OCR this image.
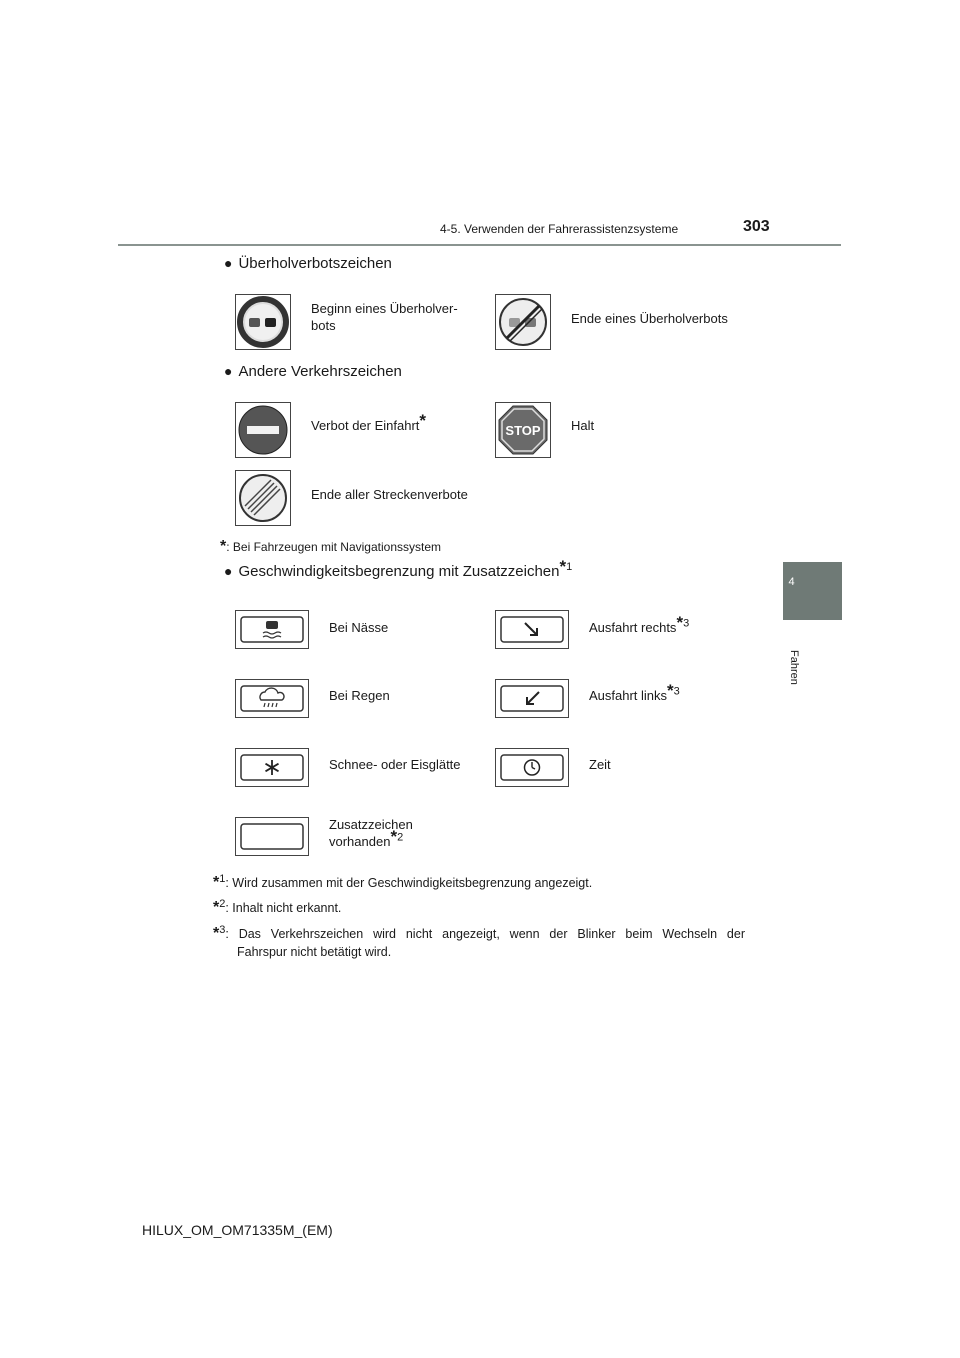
4-5. Verwenden der Fahrerassistenzsysteme	303
4
Fahren
● Überholverbotszeichen
Beginn eines Überholver-
bots	Ende eines Überholverbots
● Andere Verkehrszeichen
Verbot der Einfahrt*
STOP Halt
Ende aller Streckenverbote
*: Bei Fahrzeugen mit Navigationssystem
● Geschwindigkeitsbegrenzung mit Zusatzzeichen*$^1$
Bei Nässe	Ausfahrt rechts*$^3$
Bei Regen	Ausfahrt links*$^3$
Schnee- oder Eisglätte	Zeit
Zusatzzeichen
vorhanden*$^2$
*1: Wird zusammen mit der Geschwindigkeitsbegrenzung angezeigt.
*2: Inhalt nicht erkannt.
*3: Das Verkehrszeichen wird nicht angezeigt, wenn der Blinker beim Wechseln der
Fahrspur nicht betätigt wird.
HILUX_OM_OM71335M_(EM)
